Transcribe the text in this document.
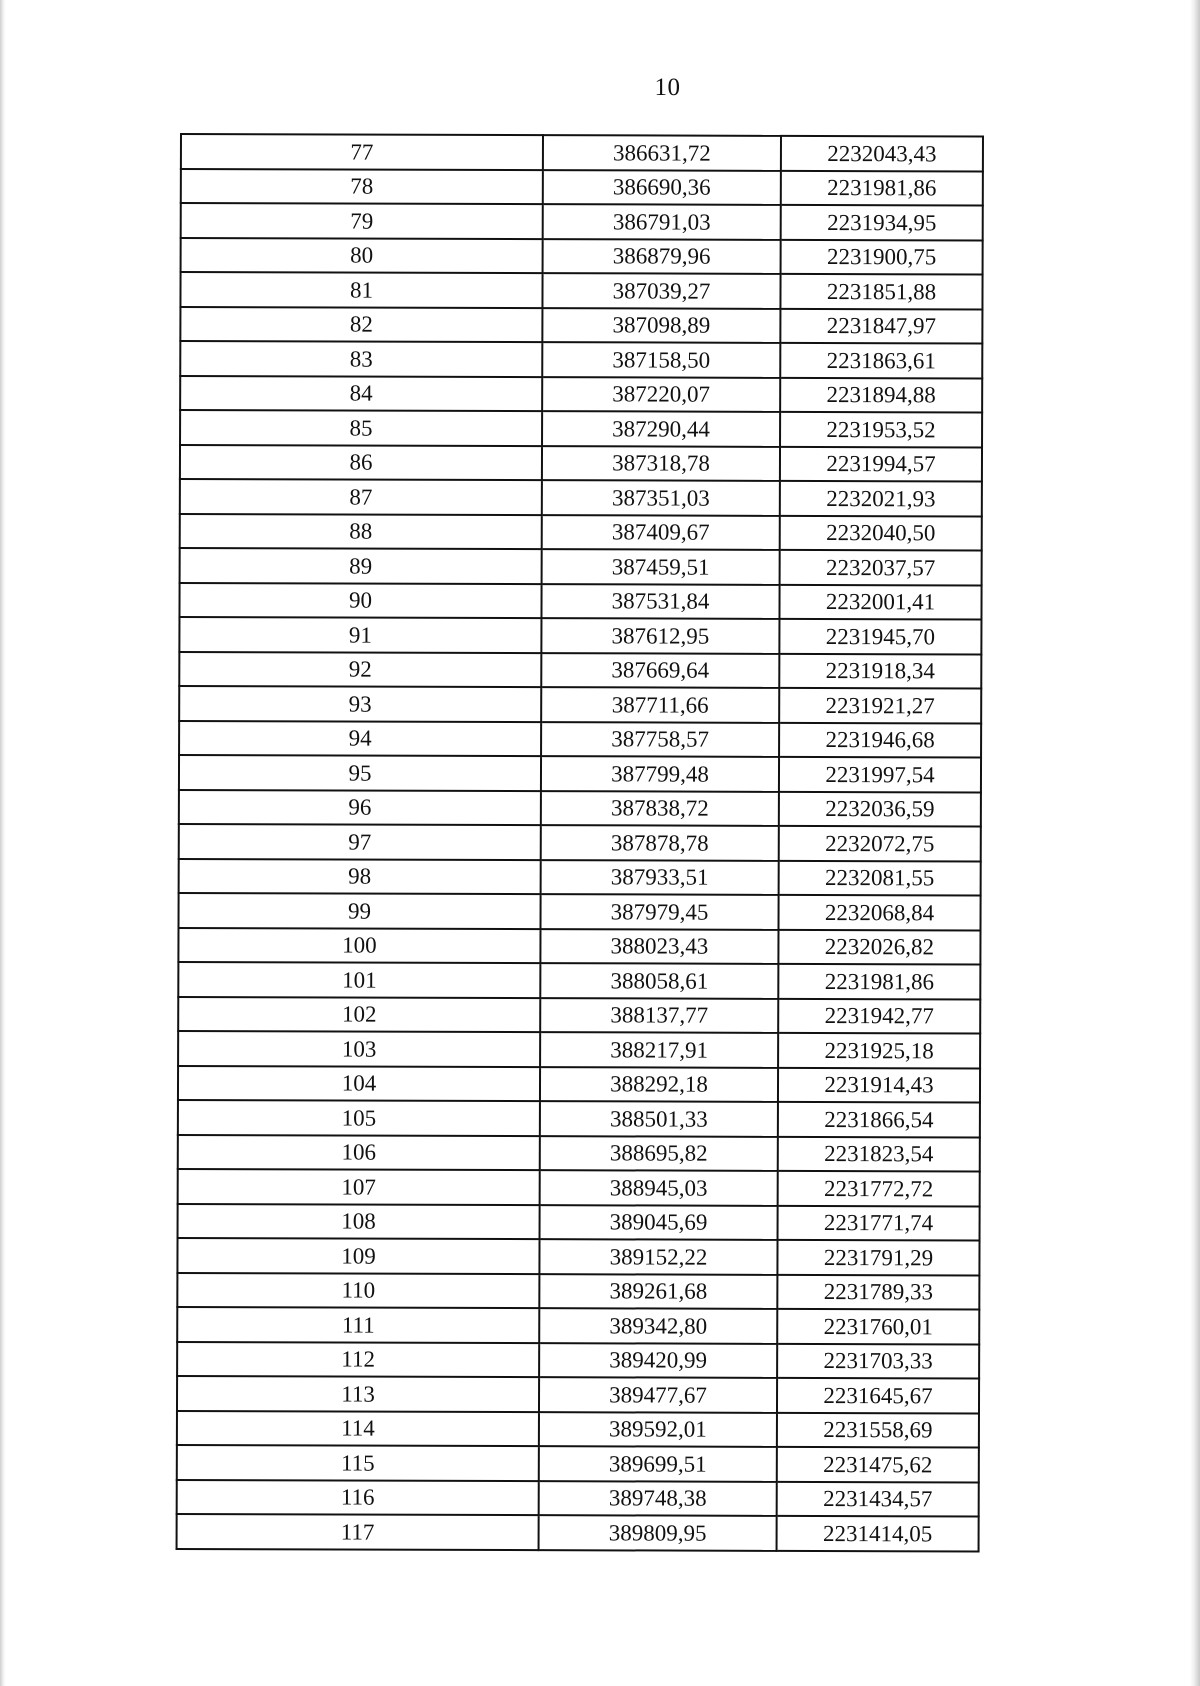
10
77	386631,72	2232043,43
78	386690,36	2231981,86
79	386791,03	2231934,95
80	386879,96	2231900,75
81	387039,27	2231851,88
82	387098,89	2231847,97
83	387158,50	2231863,61
84	387220,07	2231894,88
85	387290,44	2231953,52
86	387318,78	2231994,57
87	387351,03	2232021,93
88	387409,67	2232040,50
89	387459,51	2232037,57
90	387531,84	2232001,41
91	387612,95	2231945,70
92	387669,64	2231918,34
93	387711,66	2231921,27
94	387758,57	2231946,68
95	387799,48	2231997,54
96	387838,72	2232036,59
97	387878,78	2232072,75
98	387933,51	2232081,55
99	387979,45	2232068,84
100	388023,43	2232026,82
101	388058,61	2231981,86
102	388137,77	2231942,77
103	388217,91	2231925,18
104	388292,18	2231914,43
105	388501,33	2231866,54
106	388695,82	2231823,54
107	388945,03	2231772,72
108	389045,69	2231771,74
109	389152,22	2231791,29
110	389261,68	2231789,33
111	389342,80	2231760,01
112	389420,99	2231703,33
113	389477,67	2231645,67
114	389592,01	2231558,69
115	389699,51	2231475,62
116	389748,38	2231434,57
117	389809,95	2231414,05
